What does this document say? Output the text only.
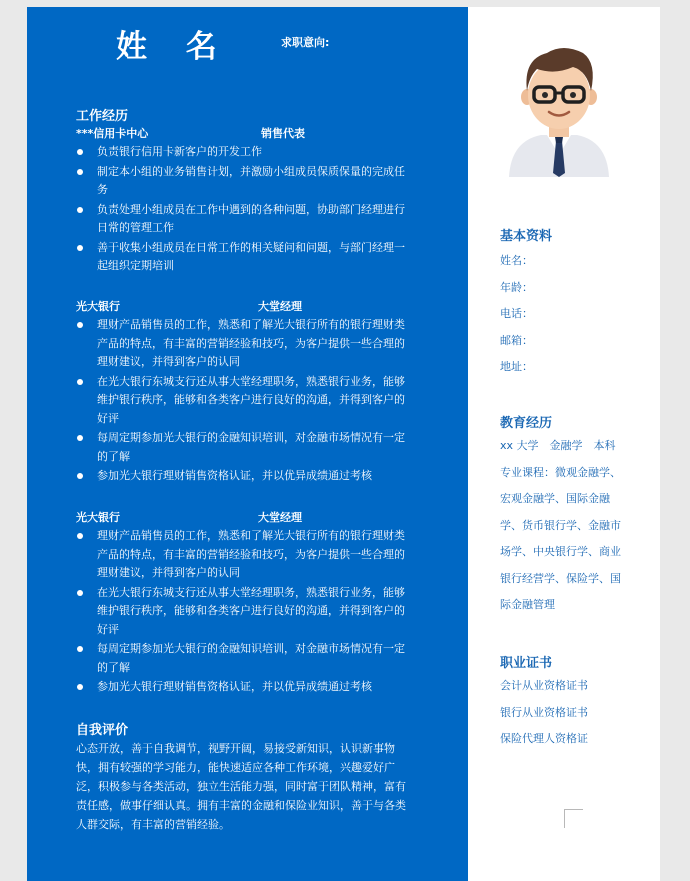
姓 名	求职意向:
工作经历
***信用卡中心	销售代表
负责银行信用卡新客户的开发工作
制定本小组的业务销售计划，并激励小组成员保质保量的完成任务
负责处理小组成员在工作中遇到的各种问题，协助部门经理进行日常的管理工作
善于收集小组成员在日常工作的相关疑问和问题，与部门经理一起组织定期培训
光大银行	大堂经理
理财产品销售员的工作，熟悉和了解光大银行所有的银行理财类产品的特点，有丰富的营销经验和技巧，为客户提供一些合理的 理财建议，并得到客户的认同
在光大银行东城支行还从事大堂经理职务，熟悉银行业务，能够维护银行秩序，能够和各类客户进行良好的沟通，并得到客户的好评
每周定期参加光大银行的金融知识培训，对金融市场情况有一定的了解
参加光大银行理财销售资格认证，并以优异成绩通过考核
光大银行	大堂经理
理财产品销售员的工作，熟悉和了解光大银行所有的银行理财类产品的特点，有丰富的营销经验和技巧，为客户提供一些合理的 理财建议，并得到客户的认同
在光大银行东城支行还从事大堂经理职务，熟悉银行业务，能够维护银行秩序，能够和各类客户进行良好的沟通，并得到客户的好评
每周定期参加光大银行的金融知识培训，对金融市场情况有一定的了解
参加光大银行理财销售资格认证，并以优异成绩通过考核
自我评价
心态开放，善于自我调节，视野开阔，易接受新知识，认识新事物快，拥有较强的学习能力，能快速适应各种工作环境，兴趣爱好广泛，积极参与各类活动，独立生活能力强，同时富于团队精神，富有责任感，做事仔细认真。拥有丰富的金融和保险业知识，善于与各类人群交际，有丰富的营销经验。
基本资料
姓名：
年龄：
电话：
邮箱：
地址：
教育经历
xx 大学　金融学　本科
专业课程：微观金融学、宏观金融学、国际金融学、货币银行学、金融市场学、中央银行学、商业银行经营学、保险学、国际金融管理
职业证书
会计从业资格证书
银行从业资格证书
保险代理人资格证
